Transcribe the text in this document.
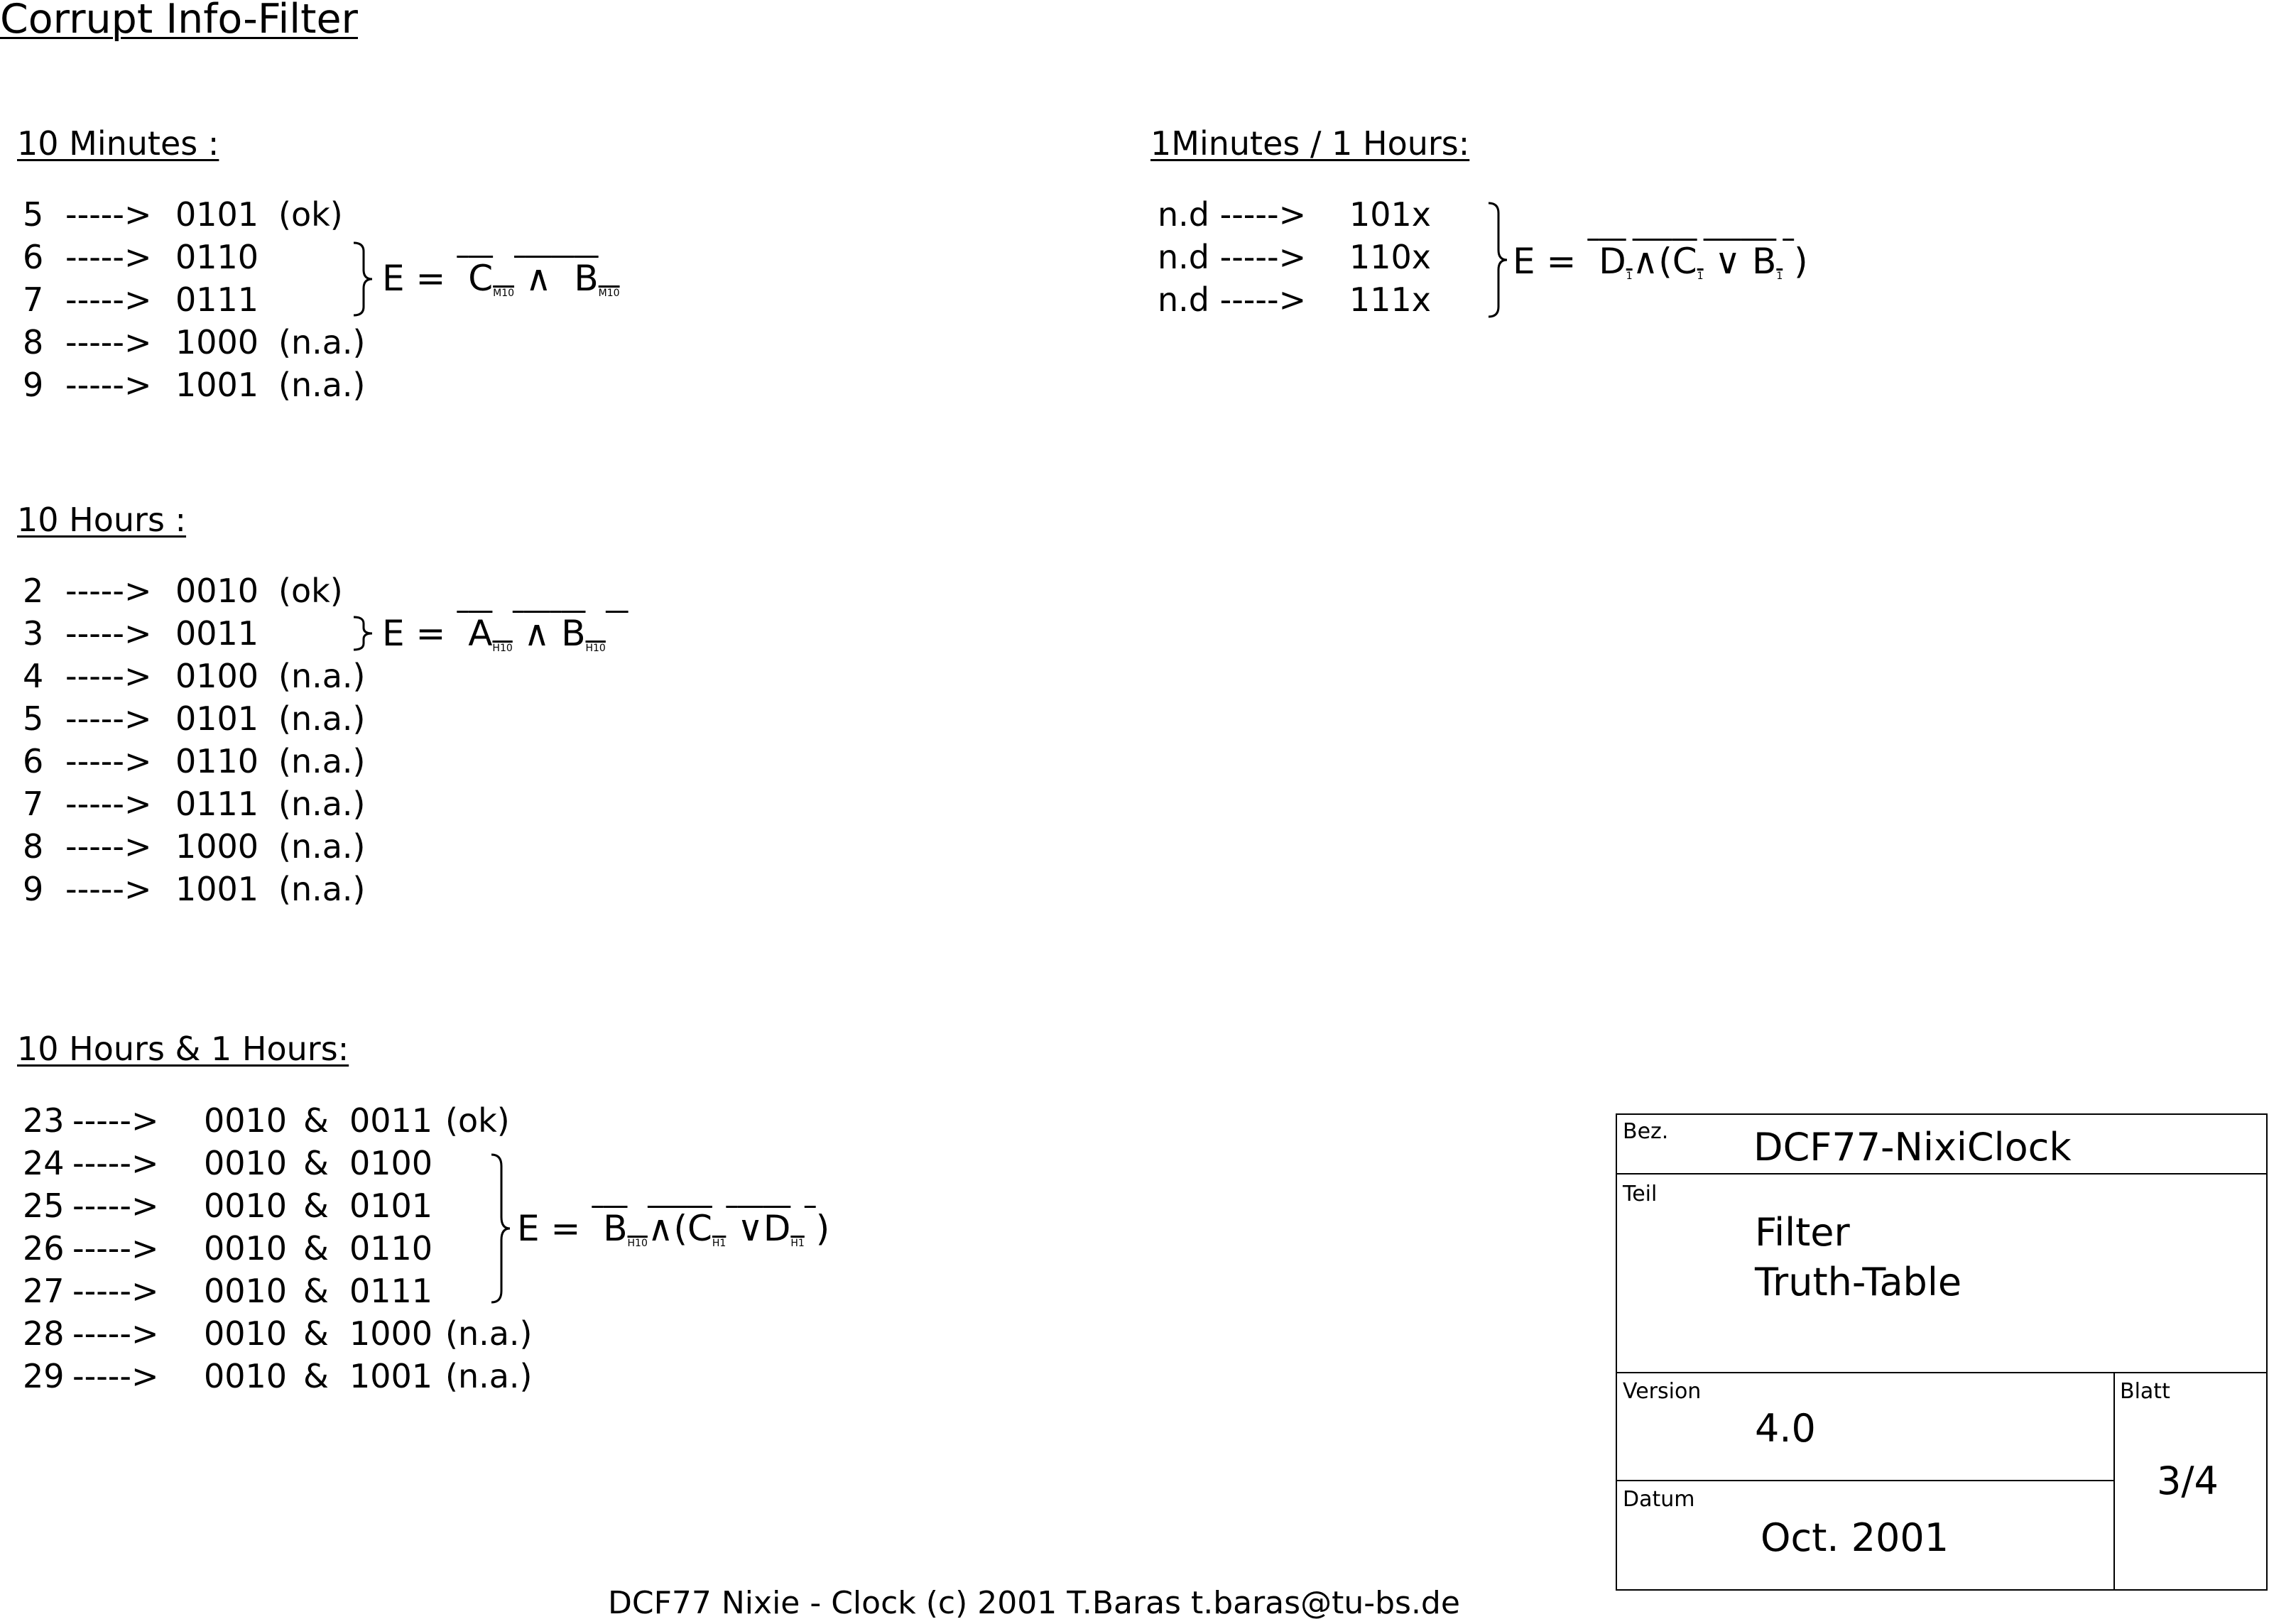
Corrupt Info-Filter
10 Minutes :
5 -----> 0101 (ok)
6 -----> 0110
7 -----> 0111
8 -----> 1000 (n.a.)
9 -----> 1001 (n.a.)
$E = C_{M10}$ ∧ $B_{M10}$
1Minutes / 1 Hours:
n.d -----> 101x
n.d -----> 110x
n.d -----> 111x
$E = D_1\wedge(C_1$ ∨ $B_1$ )
10 Hours :
2 -----> 0010 (ok)
3 -----> 0011
4 -----> 0100 (n.a.)
5 -----> 0101 (n.a.)
6 -----> 0110 (n.a.)
7 -----> 0111 (n.a.)
8 -----> 1000 (n.a.)
9 -----> 1001 (n.a.)
$E = A_{H10}$ ∧ $B_{H10}$
10 Hours & 1 Hours:
23 -----> 0010 & 0011 (ok)
24 -----> 0010 & 0100
25 -----> 0010 & 0101
26 -----> 0010 & 0110
27 -----> 0010 & 0111
28 -----> 0010 & 1000 (n.a.)
29 -----> 0010 & 1001 (n.a.)
$E = B_{H10}\wedge(C_{H1}$ $\vee D_{H1}$ )
Bez. DCF77-NixiClock
Teil
Filter
Truth-Table
Version
4.0
Datum
Oct. 2001
Blatt
3/4
DCF77 Nixie - Clock (c) 2001 T.Baras t.baras@tu-bs.de
